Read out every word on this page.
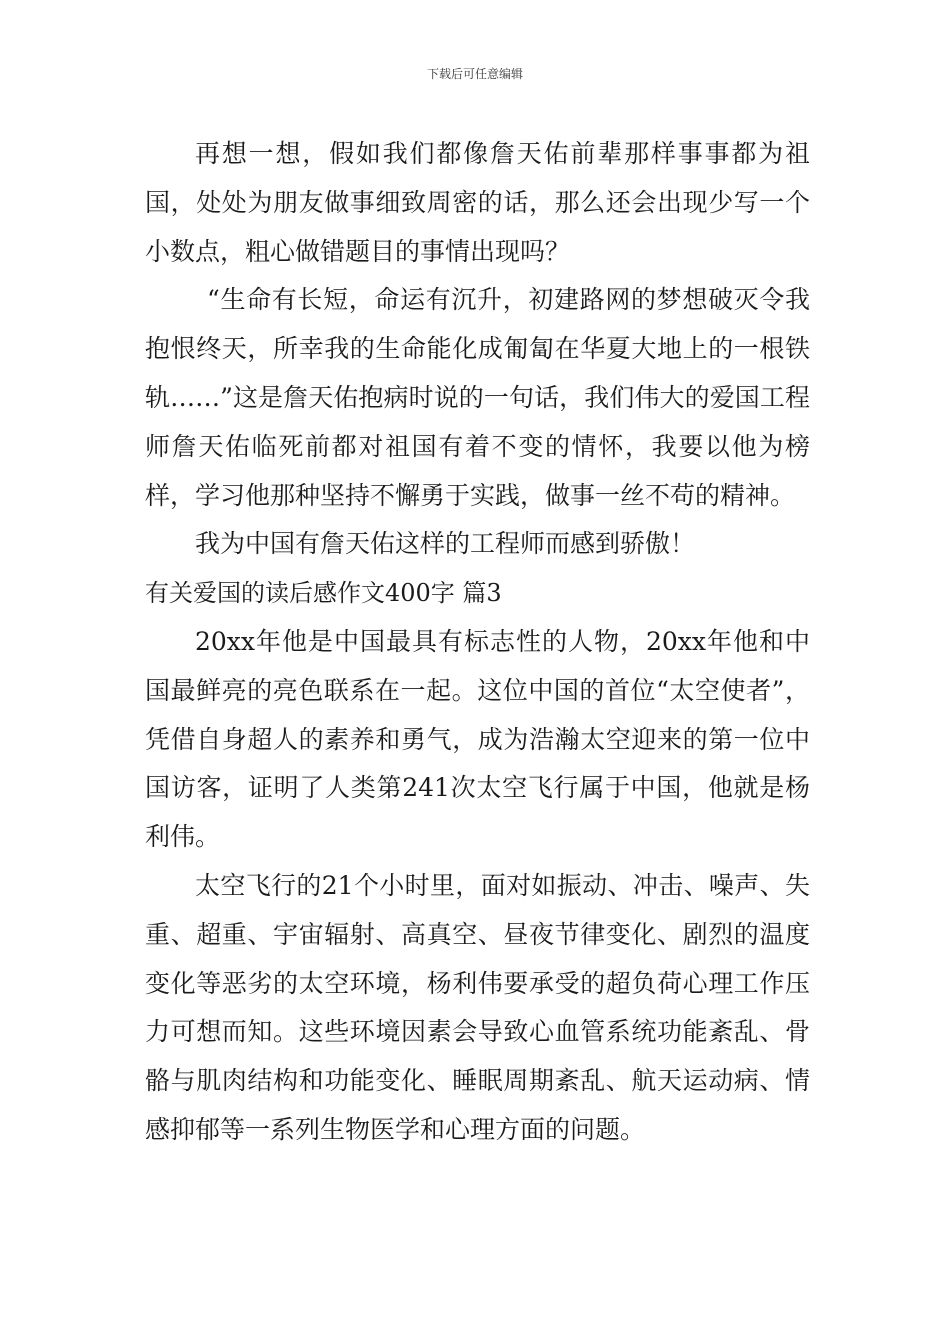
下载后可任意编辑

再想一想，假如我们都像詹天佑前辈那样事事都为祖国，处处为朋友做事细致周密的话，那么还会出现少写一个小数点，粗心做错题目的事情出现吗？

“生命有长短，命运有沉升，初建路网的梦想破灭令我抱恨终天，所幸我的生命能化成匍匐在华夏大地上的一根铁轨……”这是詹天佑抱病时说的一句话，我们伟大的爱国工程师詹天佑临死前都对祖国有着不变的情怀，我要以他为榜样，学习他那种坚持不懈勇于实践，做事一丝不苟的精神。

我为中国有詹天佑这样的工程师而感到骄傲！

有关爱国的读后感作文400字 篇3

20xx年他是中国最具有标志性的人物，20xx年他和中国最鲜亮的亮色联系在一起。这位中国的首位“太空使者”，凭借自身超人的素养和勇气，成为浩瀚太空迎来的第一位中国访客，证明了人类第241次太空飞行属于中国，他就是杨利伟。

太空飞行的21个小时里，面对如振动、冲击、噪声、失重、超重、宇宙辐射、高真空、昼夜节律变化、剧烈的温度变化等恶劣的太空环境，杨利伟要承受的超负荷心理工作压力可想而知。这些环境因素会导致心血管系统功能紊乱、骨骼与肌肉结构和功能变化、睡眠周期紊乱、航天运动病、情感抑郁等一系列生物医学和心理方面的问题。
